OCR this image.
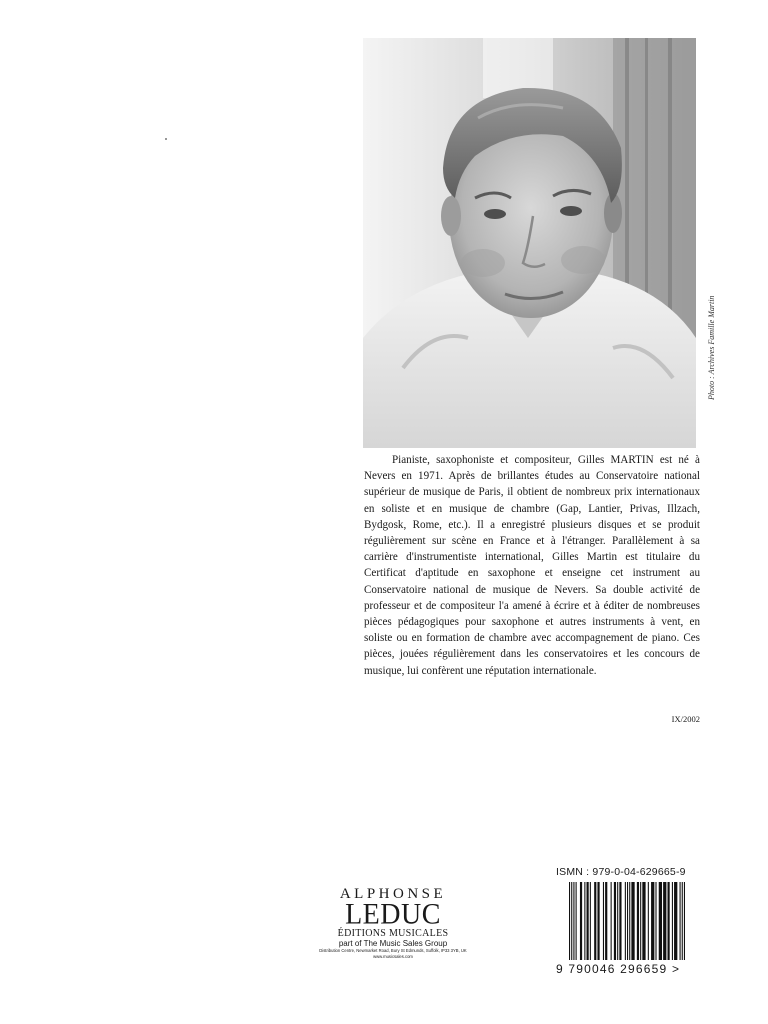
Photo : Archives Famille Martin

Pianiste, saxophoniste et compositeur, Gilles MARTIN est né à Nevers en 1971. Après de brillantes études au Conservatoire national supérieur de musique de Paris, il obtient de nombreux prix internationaux en soliste et en musique de chambre (Gap, Lantier, Privas, Illzach, Bydgosk, Rome, etc.). Il a enregistré plusieurs disques et se produit régulièrement sur scène en France et à l'étranger. Parallèlement à sa carrière d'instrumentiste international, Gilles Martin est titulaire du Certificat d'aptitude en saxophone et enseigne cet instrument au Conservatoire national de musique de Nevers. Sa double activité de professeur et de compositeur l'a amené à écrire et à éditer de nombreuses pièces pédagogiques pour saxophone et autres instruments à vent, en soliste ou en formation de chambre avec accompagnement de piano. Ces pièces, jouées régulièrement dans les conservatoires et les concours de musique, lui confèrent une réputation internationale.

IX/2002
ALPHONSE
LEDUC
ÉDITIONS MUSICALES
part of The Music Sales Group
Distribution Centre, Newmarket Road, Bury St Edmunds, Suffolk, IP33 3YB, UK
www.musicsales.com
ISMN : 979-0-04-629665-9
9 790046 296659 >
